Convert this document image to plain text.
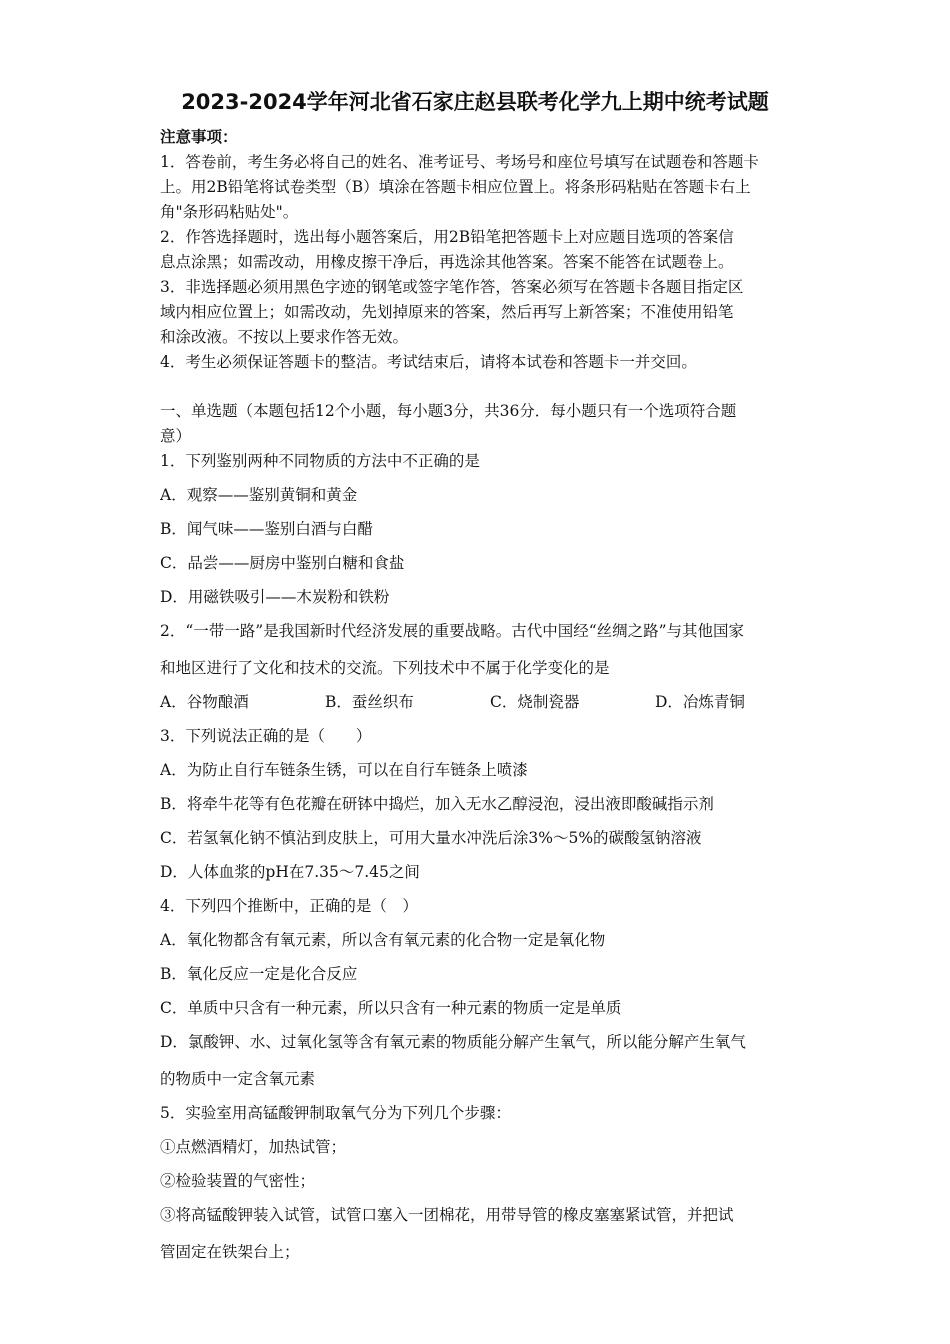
2023-2024学年河北省石家庄赵县联考化学九上期中统考试题
注意事项：
1．答卷前，考生务必将自己的姓名、准考证号、考场号和座位号填写在试题卷和答题卡
上。用2B铅笔将试卷类型（B）填涂在答题卡相应位置上。将条形码粘贴在答题卡右上
角"条形码粘贴处"。
2．作答选择题时，选出每小题答案后，用2B铅笔把答题卡上对应题目选项的答案信
息点涂黑；如需改动，用橡皮擦干净后，再选涂其他答案。答案不能答在试题卷上。
3．非选择题必须用黑色字迹的钢笔或签字笔作答，答案必须写在答题卡各题目指定区
域内相应位置上；如需改动，先划掉原来的答案，然后再写上新答案；不准使用铅笔
和涂改液。不按以上要求作答无效。
4．考生必须保证答题卡的整洁。考试结束后，请将本试卷和答题卡一并交回。
一、单选题（本题包括12个小题，每小题3分，共36分．每小题只有一个选项符合题
意）
1．下列鉴别两种不同物质的方法中不正确的是
A．观察——鉴别黄铜和黄金
B．闻气味——鉴别白酒与白醋
C．品尝——厨房中鉴别白糖和食盐
D．用磁铁吸引——木炭粉和铁粉
2．“一带一路”是我国新时代经济发展的重要战略。古代中国经“丝绸之路”与其他国家
和地区进行了文化和技术的交流。下列技术中不属于化学变化的是
A．谷物酿酒	B．蚕丝织布	C．烧制瓷器	D．冶炼青铜
3．下列说法正确的是（　　）
A．为防止自行车链条生锈，可以在自行车链条上喷漆
B．将牵牛花等有色花瓣在研钵中捣烂，加入无水乙醇浸泡，浸出液即酸碱指示剂
C．若氢氧化钠不慎沾到皮肤上，可用大量水冲洗后涂3%～5%的碳酸氢钠溶液
D．人体血浆的pH在7.35～7.45之间
4．下列四个推断中，正确的是（　）
A．氧化物都含有氧元素，所以含有氧元素的化合物一定是氧化物
B．氧化反应一定是化合反应
C．单质中只含有一种元素，所以只含有一种元素的物质一定是单质
D．氯酸钾、水、过氧化氢等含有氧元素的物质能分解产生氧气，所以能分解产生氧气
的物质中一定含氧元素
5．实验室用高锰酸钾制取氧气分为下列几个步骤：
①点燃酒精灯，加热试管；
②检验装置的气密性；
③将高锰酸钾装入试管，试管口塞入一团棉花，用带导管的橡皮塞塞紧试管，并把试
管固定在铁架台上；
